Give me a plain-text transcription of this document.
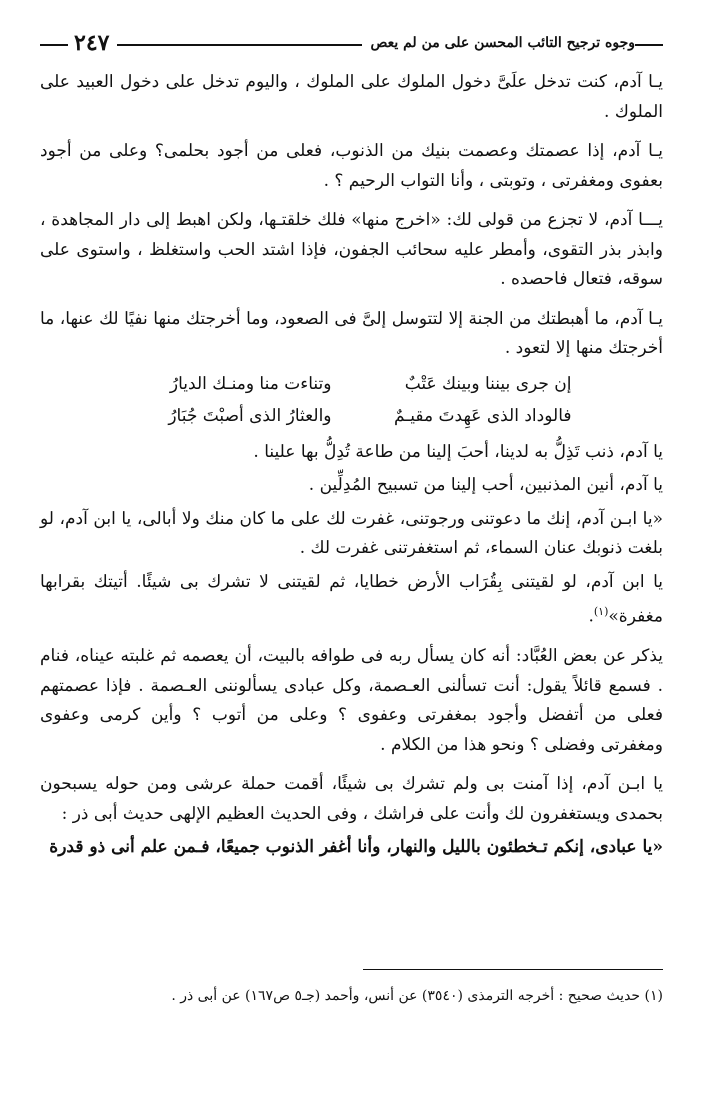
وجوه ترجيح التائب المحسن على من لم يعص
٢٤٧

يـا آدم، كنت تدخل علَىَّ دخول الملوك على الملوك ، واليوم تدخل على دخول العبيد على الملوك .

يـا آدم، إذا عصمتك وعصمت بنيك من الذنوب، فعلى من أجود بحلمى؟ وعلى من أجود بعفوى ومغفرتى ، وتوبتى ، وأنا التواب الرحيم ؟ .

يـــا آدم، لا تجزع من قولى لك: «اخرج منها» فلك خلقتـها، ولكن اهبط إلى دار المجاهدة ، وابذر بذر التقوى، وأمطر عليه سحائب الجفون، فإذا اشتد الحب واستغلظ ، واستوى على سوقه، فتعال فاحصده .

يـا آدم، ما أهبطتك من الجنة إلا لتتوسل إلىَّ فى الصعود، وما أخرجتك منها نفيًا لك عنها، ما أخرجتك منها إلا لتعود .

إن جرى بيننا وبينك عَتْبٌ
وتناءت منا ومنـك الديارُ
فالوداد الذى عَهِدتَ مقيـمٌ
والعثارُ الذى أصبْتَ جُبَارُ

يا آدم، ذنب تَذِلُّ به لدينا، أحبَ إلينا من طاعة تُدِلُّ بها علينا .

يا آدم، أنين المذنبين، أحب إلينا من تسبيح المُدِلِّين .

«يا ابـن آدم، إنك ما دعوتنى ورجوتنى، غفرت لك على ما كان منك ولا أبالى، يا ابن آدم، لو بلغت ذنوبك عنان السماء، ثم استغفرتنى غفرت لك .

يا ابن آدم، لو لقيتنى بِقُرَاب الأرض خطايا، ثم لقيتنى لا تشرك بى شيئًا. أتيتك بقرابها مغفرة»$^{(١)}$.

يذكر عن بعض العُبَّاد: أنه كان يسأل ربه فى طوافه بالبيت، أن يعصمه ثم غلبته عيناه، فنام . فسمع قائلاً يقول: أنت تسألنى العـصمة، وكل عبادى يسألوننى العـصمة . فإذا عصمتهم فعلى من أتفضل وأجود بمغفرتى وعفوى ؟ وعلى من أتوب ؟ وأين كرمى وعفوى ومغفرتى وفضلى ؟ ونحو هذا من الكلام .

يا ابـن آدم، إذا آمنت بى ولم تشرك بى شيئًا، أقمت حملة عرشى ومن حوله يسبحون بحمدى ويستغفرون لك وأنت على فراشك ، وفى الحديث العظيم الإلهى حديث أبى ذر :

«يا عبادى، إنكم تـخطئون بالليل والنهار، وأنا أغفر الذنوب جميعًا، فـمن علم أنى ذو قدرة

(١) حديث صحيح : أخرجه الترمذى (٣٥٤٠) عن أنس، وأحمد (جـ٥ ص١٦٧) عن أبى ذر .
